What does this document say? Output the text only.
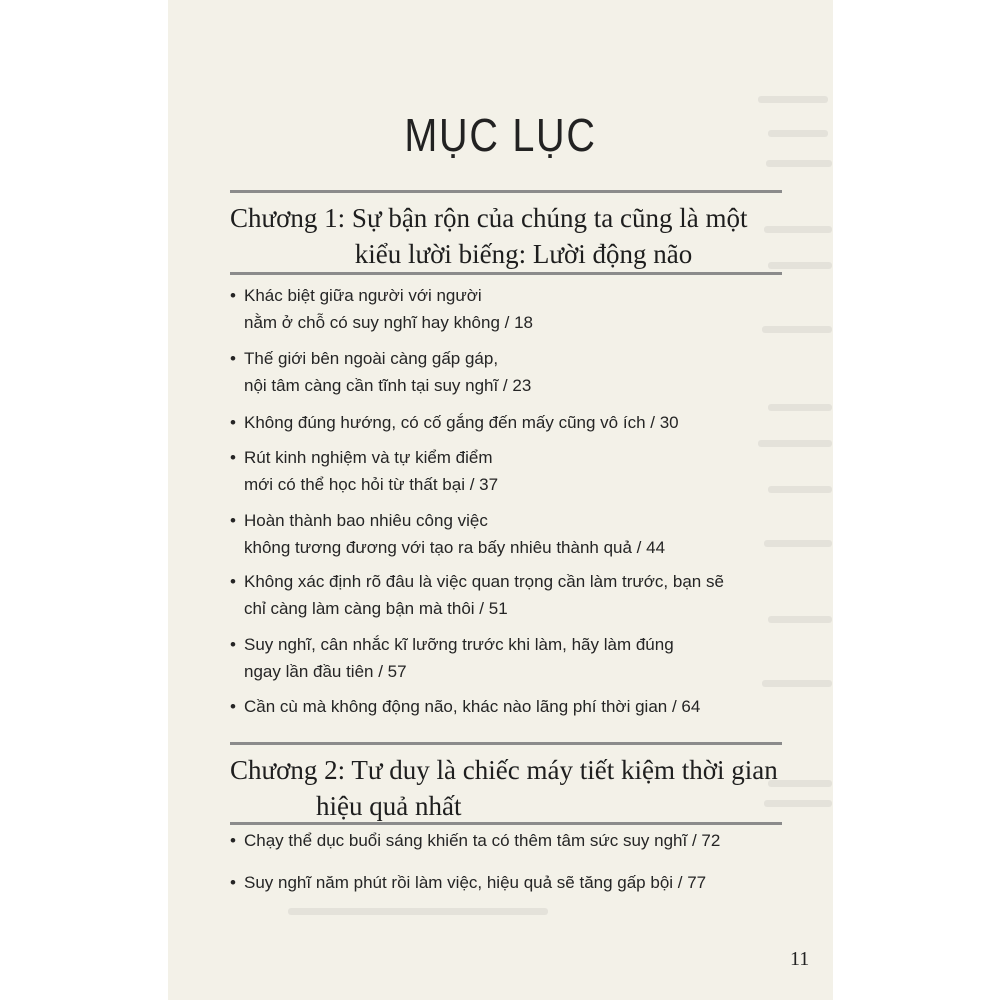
MỤC LỤC
Chương 1: Sự bận rộn của chúng ta cũng là một
kiểu lười biếng: Lười động não
• Khác biệt giữa người với người
nằm ở chỗ có suy nghĩ hay không / 18
• Thế giới bên ngoài càng gấp gáp,
nội tâm càng cần tĩnh tại suy nghĩ / 23
• Không đúng hướng, có cố gắng đến mấy cũng vô ích / 30
• Rút kinh nghiệm và tự kiểm điểm
mới có thể học hỏi từ thất bại / 37
• Hoàn thành bao nhiêu công việc
không tương đương với tạo ra bấy nhiêu thành quả / 44
• Không xác định rõ đâu là việc quan trọng cần làm trước, bạn sẽ
chỉ càng làm càng bận mà thôi / 51
• Suy nghĩ, cân nhắc kĩ lưỡng trước khi làm, hãy làm đúng
ngay lần đầu tiên / 57
• Cần cù mà không động não, khác nào lãng phí thời gian / 64
Chương 2: Tư duy là chiếc máy tiết kiệm thời gian
hiệu quả nhất
• Chạy thể dục buổi sáng khiến ta có thêm tâm sức suy nghĩ / 72
• Suy nghĩ năm phút rồi làm việc, hiệu quả sẽ tăng gấp bội / 77
11
